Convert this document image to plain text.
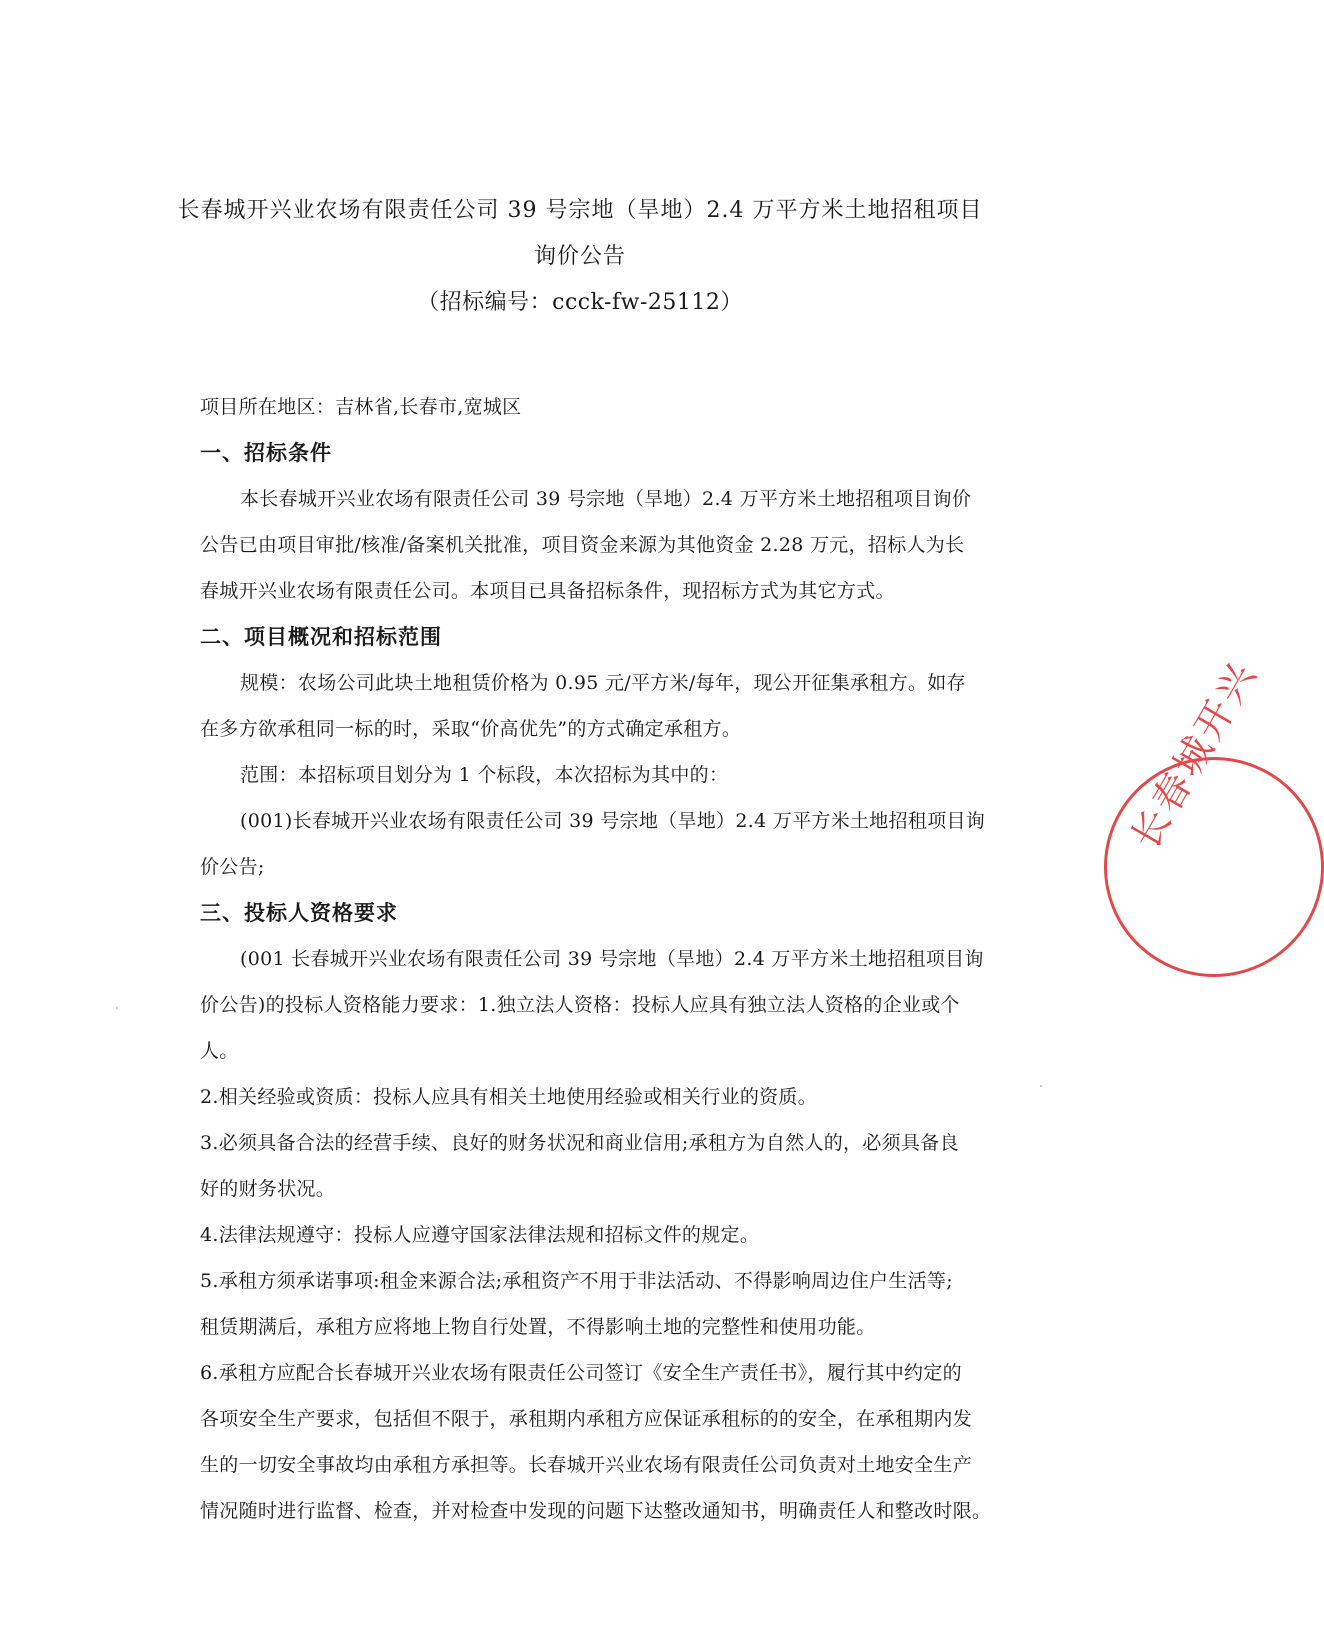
长春城开兴业农场有限责任公司 39 号宗地（旱地）2.4 万平方米土地招租项目
询价公告
（招标编号：ccck-fw-25112）
项目所在地区：吉林省,长春市,宽城区
一、招标条件
本长春城开兴业农场有限责任公司 39 号宗地（旱地）2.4 万平方米土地招租项目询价
公告已由项目审批/核准/备案机关批准，项目资金来源为其他资金 2.28 万元，招标人为长
春城开兴业农场有限责任公司。本项目已具备招标条件，现招标方式为其它方式。
二、项目概况和招标范围
规模：农场公司此块土地租赁价格为 0.95 元/平方米/每年，现公开征集承租方。如存
在多方欲承租同一标的时，采取“价高优先”的方式确定承租方。
范围：本招标项目划分为 1 个标段，本次招标为其中的：
(001)长春城开兴业农场有限责任公司 39 号宗地（旱地）2.4 万平方米土地招租项目询
价公告;
三、投标人资格要求
(001 长春城开兴业农场有限责任公司 39 号宗地（旱地）2.4 万平方米土地招租项目询
价公告)的投标人资格能力要求：1.独立法人资格：投标人应具有独立法人资格的企业或个
人。
2.相关经验或资质：投标人应具有相关土地使用经验或相关行业的资质。
3.必须具备合法的经营手续、良好的财务状况和商业信用;承租方为自然人的，必须具备良
好的财务状况。
4.法律法规遵守：投标人应遵守国家法律法规和招标文件的规定。
5.承租方须承诺事项:租金来源合法;承租资产不用于非法活动、不得影响周边住户生活等;
租赁期满后，承租方应将地上物自行处置，不得影响土地的完整性和使用功能。
6.承租方应配合长春城开兴业农场有限责任公司签订《安全生产责任书》，履行其中约定的
各项安全生产要求，包括但不限于，承租期内承租方应保证承租标的的安全，在承租期内发
生的一切安全事故均由承租方承担等。长春城开兴业农场有限责任公司负责对土地安全生产
情况随时进行监督、检查，并对检查中发现的问题下达整改通知书，明确责任人和整改时限。
长春城开兴
